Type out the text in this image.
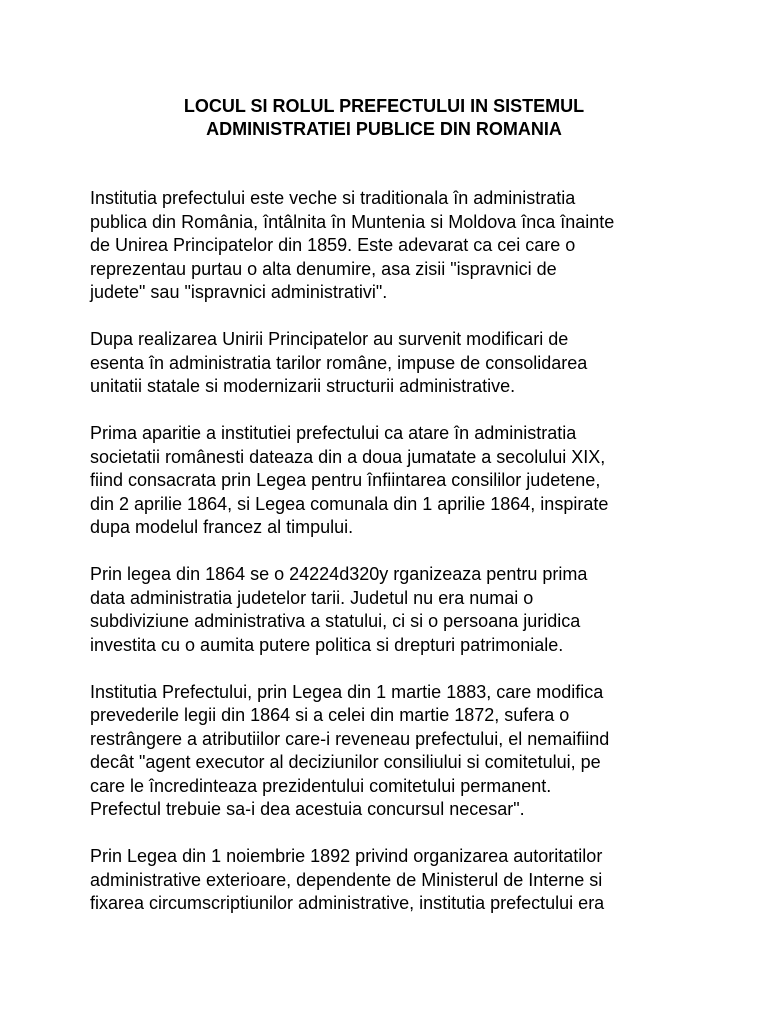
LOCUL SI ROLUL PREFECTULUI IN SISTEMUL
ADMINISTRATIEI PUBLICE DIN ROMANIA

Institutia prefectului este veche si traditionala în administratia
publica din România, întâlnita în Muntenia si Moldova înca înainte
de Unirea Principatelor din 1859. Este adevarat ca cei care o
reprezentau purtau o alta denumire, asa zisii "ispravnici de
judete" sau "ispravnici administrativi".

Dupa realizarea Unirii Principatelor au survenit modificari de
esenta în administratia tarilor române, impuse de consolidarea
unitatii statale si modernizarii structurii administrative.

Prima aparitie a institutiei prefectului ca atare în administratia
societatii românesti dateaza din a doua jumatate a secolului XIX,
fiind consacrata prin Legea pentru înfiintarea consililor judetene,
din 2 aprilie 1864, si Legea comunala din 1 aprilie 1864, inspirate
dupa modelul francez al timpului.

Prin legea din 1864 se o 24224d320y rganizeaza pentru prima
data administratia judetelor tarii. Judetul nu era numai o
subdiviziune administrativa a statului, ci si o persoana juridica
investita cu o aumita putere politica si drepturi patrimoniale.

Institutia Prefectului, prin Legea din 1 martie 1883, care modifica
prevederile legii din 1864 si a celei din martie 1872, sufera o
restrângere a atributiilor care-i reveneau prefectului, el nemaifiind
decât "agent executor al deciziunilor consiliului si comitetului, pe
care le încredinteaza prezidentului comitetului permanent.
Prefectul trebuie sa-i dea acestuia concursul necesar".

Prin Legea din 1 noiembrie 1892 privind organizarea autoritatilor
administrative exterioare, dependente de Ministerul de Interne si
fixarea circumscriptiunilor administrative, institutia prefectului era
